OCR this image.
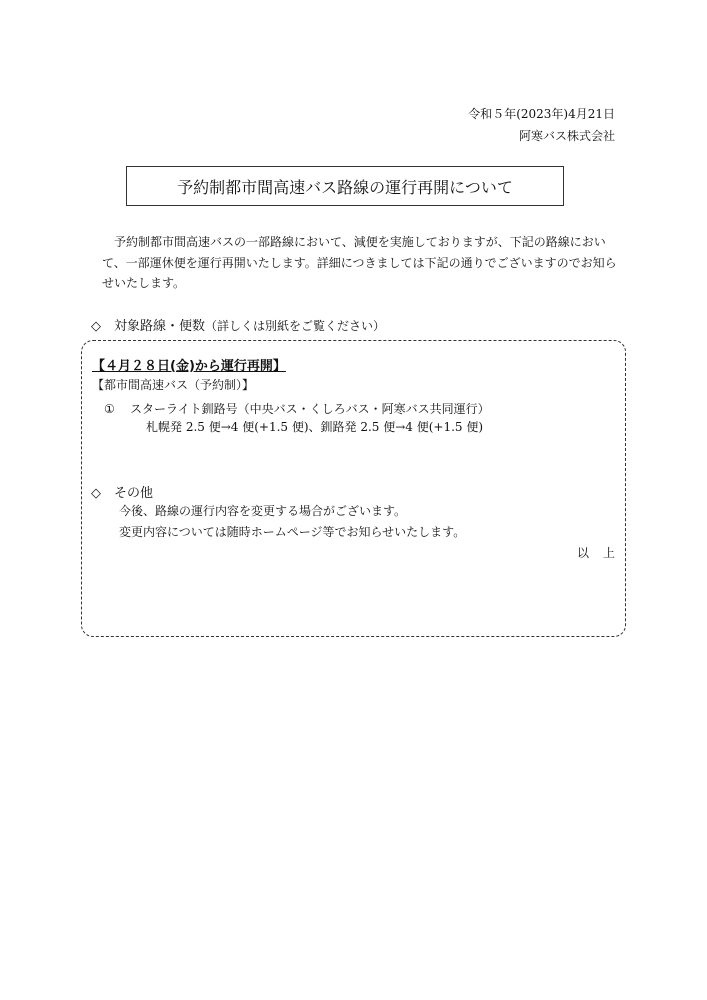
令和５年(2023年)4月21日
阿寒バス株式会社
予約制都市間高速バス路線の運行再開について

予約制都市間高速バスの一部路線において、減便を実施しておりますが、下記の路線において、一部運休便を運行再開いたします。詳細につきましては下記の通りでございますのでお知らせいたします。

◇　対象路線・便数（詳しくは別紙をご覧ください）
【４月２８日(金)から運行再開】
【都市間高速バス（予約制）】
① スターライト釧路号（中央バス・くしろバス・阿寒バス共同運行）
札幌発 2.5 便→4 便(+1.5 便)、釧路発 2.5 便→4 便(+1.5 便)
◇　その他
今後、路線の運行内容を変更する場合がございます。
変更内容については随時ホームページ等でお知らせいたします。
以上
